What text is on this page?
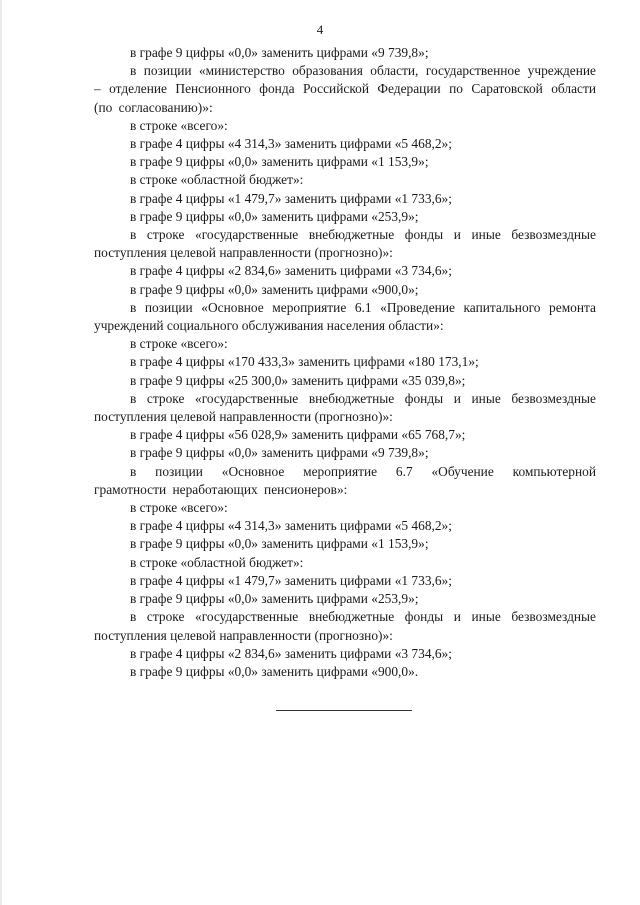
4

в графе 9 цифры «0,0» заменить цифрами «9 739,8»;

в позиции «министерство образования области, государственное учреждение – отделение Пенсионного фонда Российской Федерации по Саратовской области (по согласованию)»:

в строке «всего»:

в графе 4 цифры «4 314,3» заменить цифрами «5 468,2»;

в графе 9 цифры «0,0» заменить цифрами «1 153,9»;

в строке «областной бюджет»:

в графе 4 цифры «1 479,7» заменить цифрами «1 733,6»;

в графе 9 цифры «0,0» заменить цифрами «253,9»;

в строке «государственные внебюджетные фонды и иные безвозмездные поступления целевой направленности (прогнозно)»:

в графе 4 цифры «2 834,6» заменить цифрами «3 734,6»;

в графе 9 цифры «0,0» заменить цифрами «900,0»;

в позиции «Основное мероприятие 6.1 «Проведение капитального ремонта учреждений социального обслуживания населения области»:

в строке «всего»:

в графе 4 цифры «170 433,3» заменить цифрами «180 173,1»;

в графе 9 цифры «25 300,0» заменить цифрами «35 039,8»;

в строке «государственные внебюджетные фонды и иные безвозмездные поступления целевой направленности (прогнозно)»:

в графе 4 цифры «56 028,9» заменить цифрами «65 768,7»;

в графе 9 цифры «0,0» заменить цифрами «9 739,8»;

в позиции «Основное мероприятие 6.7 «Обучение компьютерной грамотности неработающих пенсионеров»:

в строке «всего»:

в графе 4 цифры «4 314,3» заменить цифрами «5 468,2»;

в графе 9 цифры «0,0» заменить цифрами «1 153,9»;

в строке «областной бюджет»:

в графе 4 цифры «1 479,7» заменить цифрами «1 733,6»;

в графе 9 цифры «0,0» заменить цифрами «253,9»;

в строке «государственные внебюджетные фонды и иные безвозмездные поступления целевой направленности (прогнозно)»:

в графе 4 цифры «2 834,6» заменить цифрами «3 734,6»;

в графе 9 цифры «0,0» заменить цифрами «900,0».
